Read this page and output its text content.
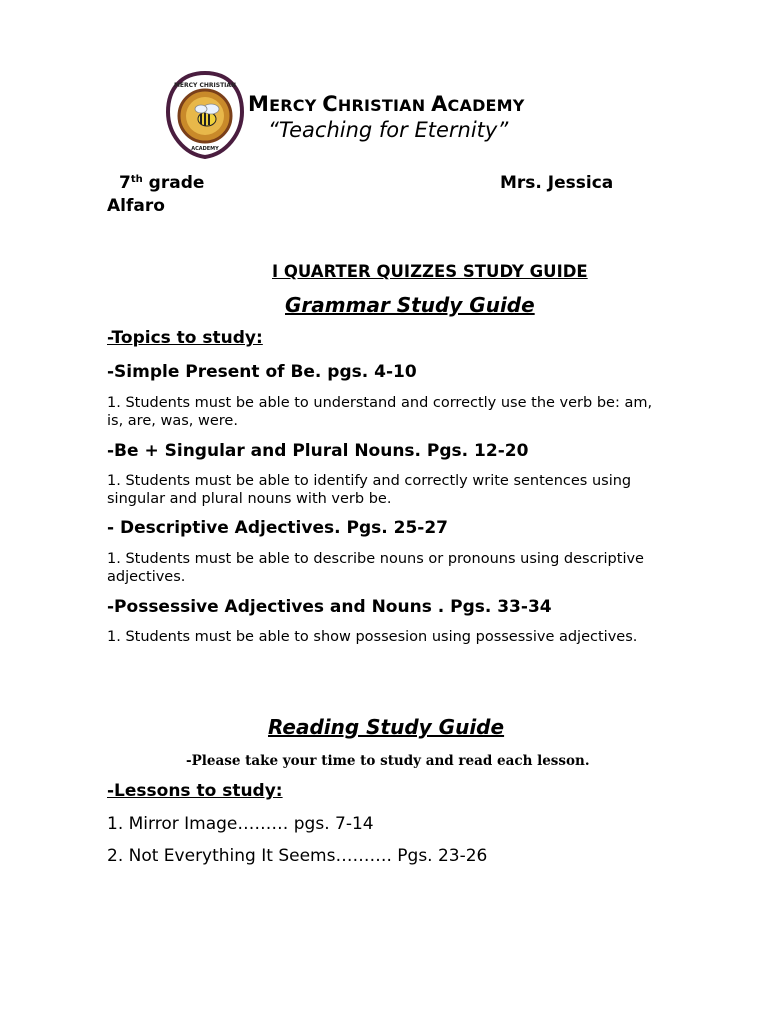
MERCY CHRISTIAN
ACADEMY
MERCY CHRISTIAN ACADEMY
“Teaching for Eternity”
7th grade	Mrs. Jessica
Alfaro
I QUARTER QUIZZES STUDY GUIDE
Grammar Study Guide
-Topics to study:
-Simple Present of Be. pgs. 4-10
1. Students must be able to understand and correctly use the verb be: am, is, are, was, were.
-Be + Singular and Plural Nouns. Pgs. 12-20
1. Students must be able to identify and correctly write sentences using singular and plural nouns with verb be.
- Descriptive Adjectives. Pgs. 25-27
1. Students must be able to describe nouns or pronouns using descriptive adjectives.
-Possessive Adjectives and Nouns . Pgs. 33-34
1. Students must be able to show possesion using possessive adjectives.
Reading Study Guide
-Please take your time to study and read each lesson.
-Lessons to study:
1. Mirror Image……… pgs. 7-14
2. Not Everything It Seems………. Pgs. 23-26
